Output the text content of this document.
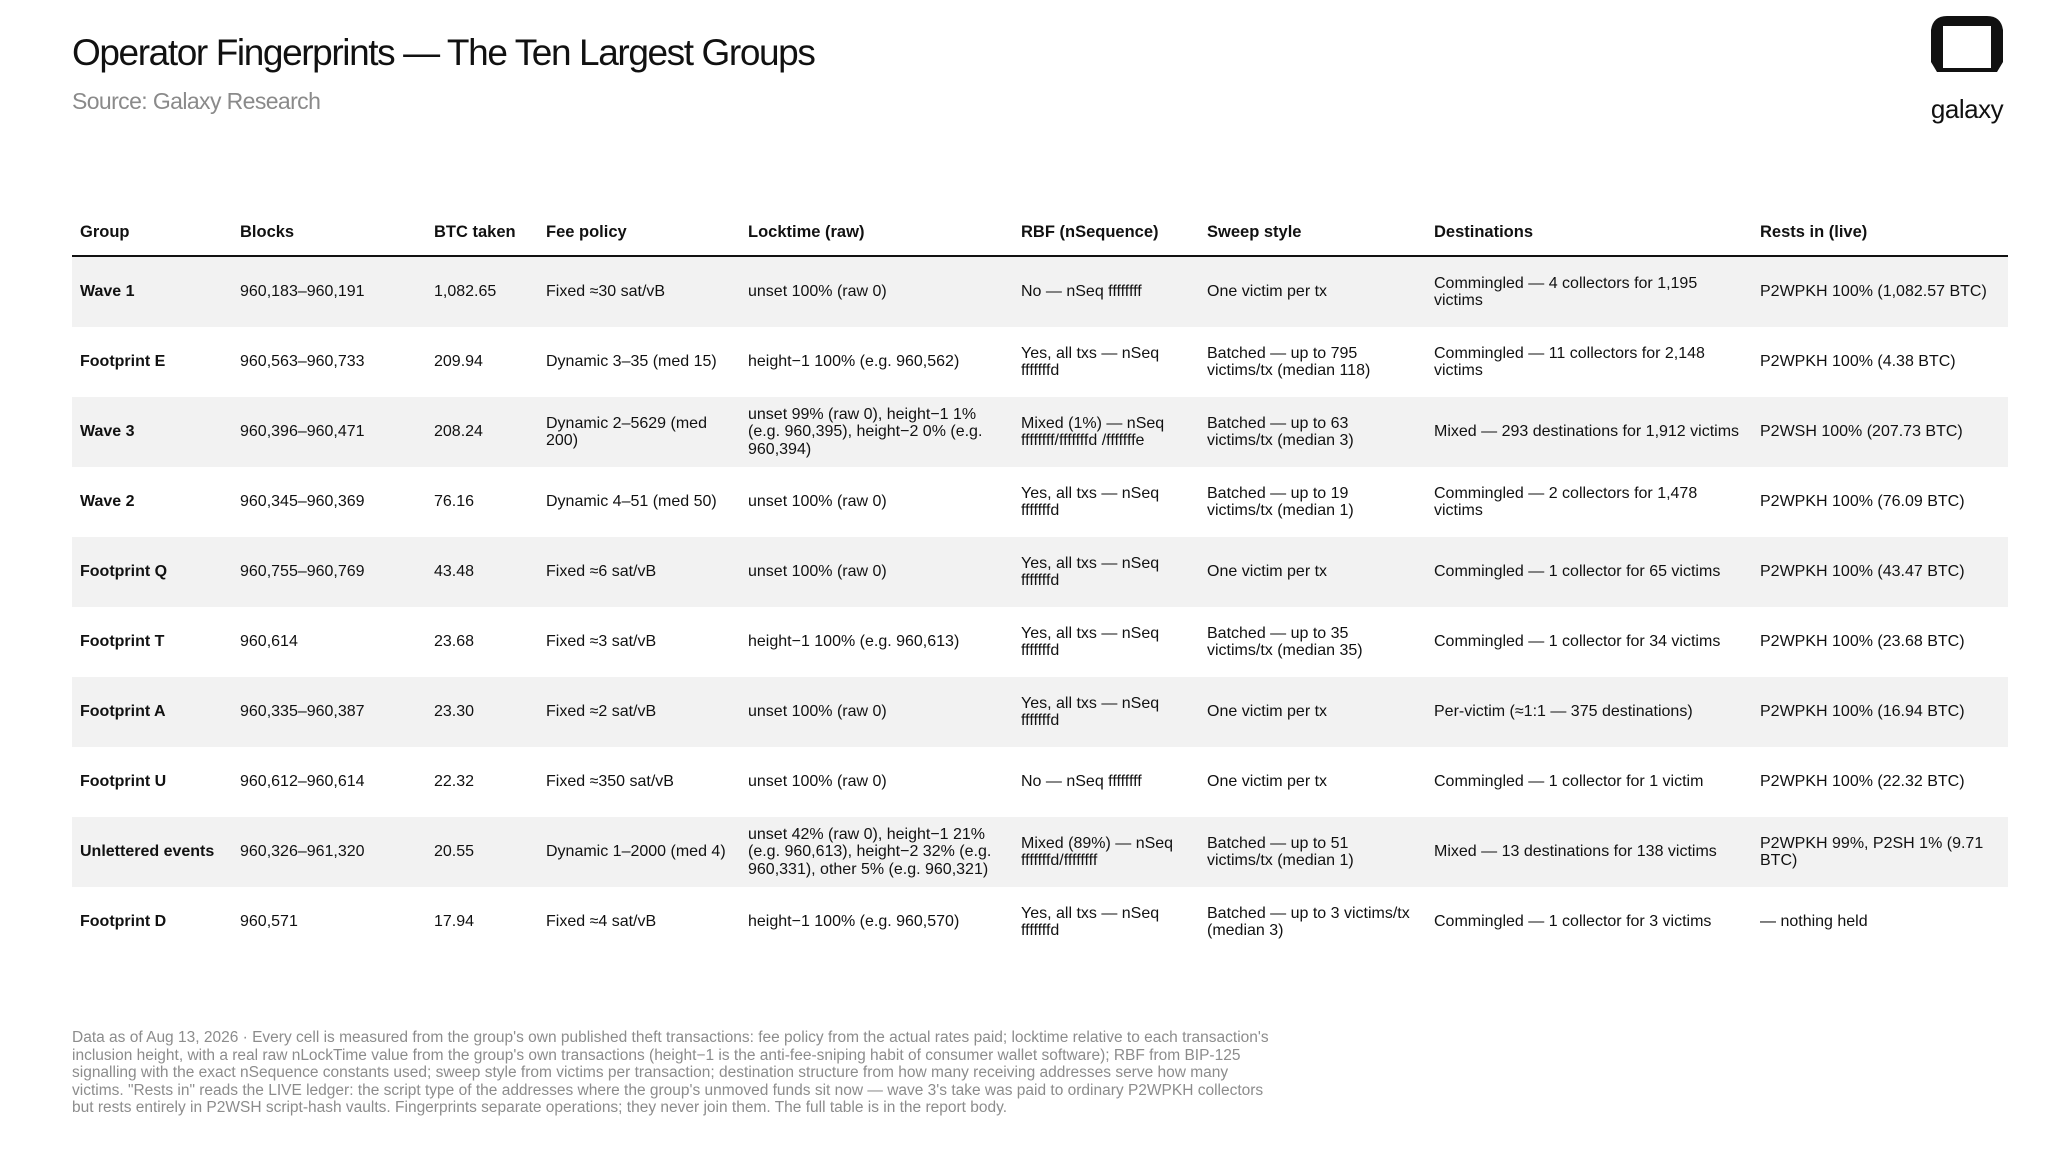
Operator Fingerprints — The Ten Largest Groups
Source: Galaxy Research	galaxy
Group	Blocks	BTC taken	Fee policy	Locktime (raw)	RBF (nSequence)	Sweep style	Destinations	Rests in (live)
Wave 1	960,183–960,191	1,082.65	Fixed ≈30 sat/vB	unset 100% (raw 0)	No — nSeq ffffffff	One victim per tx	Commingled — 4 collectors for 1,195 victims	P2WPKH 100% (1,082.57 BTC)
Footprint E	960,563–960,733	209.94	Dynamic 3–35 (med 15)	height−1 100% (e.g. 960,562)	Yes, all txs — nSeq fffffffd	Batched — up to 795 victims/tx (median 118)	Commingled — 11 collectors for 2,148 victims	P2WPKH 100% (4.38 BTC)
Wave 3	960,396–960,471	208.24	Dynamic 2–5629 (med 200)	unset 99% (raw 0), height−1 1% (e.g. 960,395), height−2 0% (e.g. 960,394)	Mixed (1%) — nSeq ffffffff/fffffffd /fffffffe	Batched — up to 63 victims/tx (median 3)	Mixed — 293 destinations for 1,912 victims	P2WSH 100% (207.73 BTC)
Wave 2	960,345–960,369	76.16	Dynamic 4–51 (med 50)	unset 100% (raw 0)	Yes, all txs — nSeq fffffffd	Batched — up to 19 victims/tx (median 1)	Commingled — 2 collectors for 1,478 victims	P2WPKH 100% (76.09 BTC)
Footprint Q	960,755–960,769	43.48	Fixed ≈6 sat/vB	unset 100% (raw 0)	Yes, all txs — nSeq fffffffd	One victim per tx	Commingled — 1 collector for 65 victims	P2WPKH 100% (43.47 BTC)
Footprint T	960,614	23.68	Fixed ≈3 sat/vB	height−1 100% (e.g. 960,613)	Yes, all txs — nSeq fffffffd	Batched — up to 35 victims/tx (median 35)	Commingled — 1 collector for 34 victims	P2WPKH 100% (23.68 BTC)
Footprint A	960,335–960,387	23.30	Fixed ≈2 sat/vB	unset 100% (raw 0)	Yes, all txs — nSeq fffffffd	One victim per tx	Per-victim (≈1:1 — 375 destinations)	P2WPKH 100% (16.94 BTC)
Footprint U	960,612–960,614	22.32	Fixed ≈350 sat/vB	unset 100% (raw 0)	No — nSeq ffffffff	One victim per tx	Commingled — 1 collector for 1 victim	P2WPKH 100% (22.32 BTC)
Unlettered events	960,326–961,320	20.55	Dynamic 1–2000 (med 4)	unset 42% (raw 0), height−1 21% (e.g. 960,613), height−2 32% (e.g. 960,331), other 5% (e.g. 960,321)	Mixed (89%) — nSeq fffffffd/ffffffff	Batched — up to 51 victims/tx (median 1)	Mixed — 13 destinations for 138 victims	P2WPKH 99%, P2SH 1% (9.71 BTC)
Footprint D	960,571	17.94	Fixed ≈4 sat/vB	height−1 100% (e.g. 960,570)	Yes, all txs — nSeq fffffffd	Batched — up to 3 victims/tx (median 3)	Commingled — 1 collector for 3 victims	— nothing held
Data as of Aug 13, 2026 · Every cell is measured from the group's own published theft transactions: fee policy from the actual rates paid; locktime relative to each transaction's inclusion height, with a real raw nLockTime value from the group's own transactions (height−1 is the anti-fee-sniping habit of consumer wallet software); RBF from BIP-125 signalling with the exact nSequence constants used; sweep style from victims per transaction; destination structure from how many receiving addresses serve how many victims. "Rests in" reads the LIVE ledger: the script type of the addresses where the group's unmoved funds sit now — wave 3's take was paid to ordinary P2WPKH collectors but rests entirely in P2WSH script-hash vaults. Fingerprints separate operations; they never join them. The full table is in the report body.
